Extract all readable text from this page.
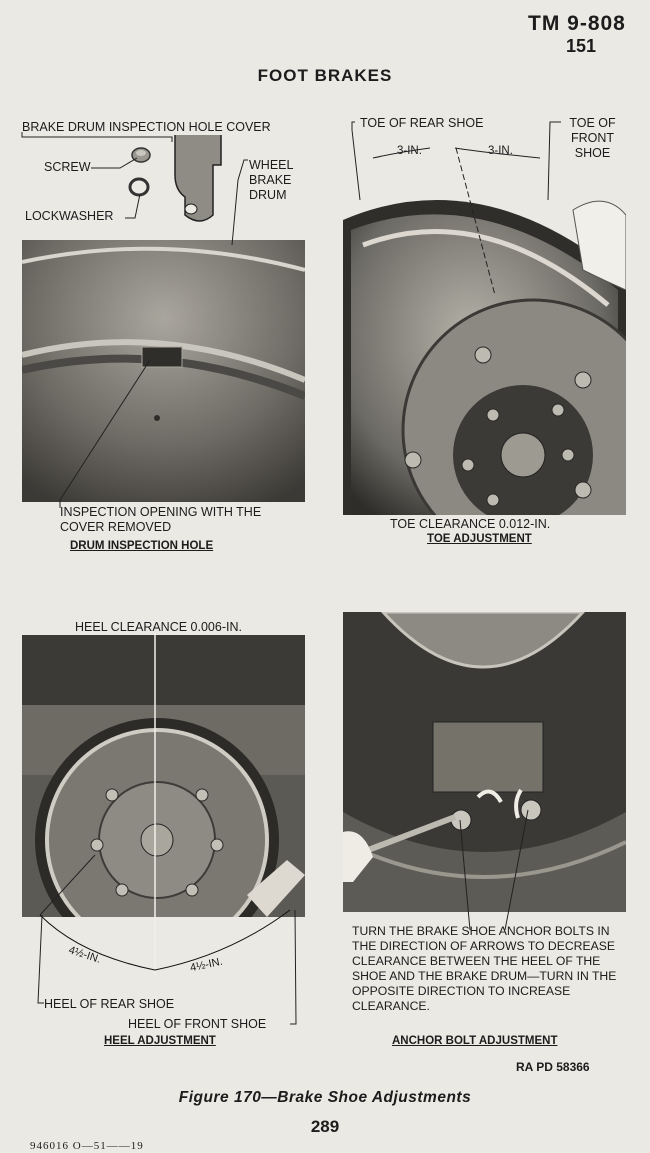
TM 9-808
151
FOOT BRAKES
BRAKE DRUM INSPECTION HOLE COVER
SCREW
LOCKWASHER
WHEEL BRAKE DRUM
INSPECTION OPENING WITH THE COVER REMOVED
DRUM INSPECTION HOLE
TOE OF REAR SHOE	TOE OF FRONT SHOE
3-IN.	3-IN.
TOE CLEARANCE 0.012-IN.
TOE ADJUSTMENT
HEEL CLEARANCE 0.006-IN.
4½-IN.	4½-IN.
HEEL OF REAR SHOE
HEEL OF FRONT SHOE
HEEL ADJUSTMENT
TURN THE BRAKE SHOE ANCHOR BOLTS IN THE DIRECTION OF ARROWS TO DECREASE CLEARANCE BETWEEN THE HEEL OF THE SHOE AND THE BRAKE DRUM—TURN IN THE OPPOSITE DIRECTION TO INCREASE CLEARANCE.
ANCHOR BOLT ADJUSTMENT
RA PD 58366
Figure 170—Brake Shoe Adjustments
289
946016 O—51——19
